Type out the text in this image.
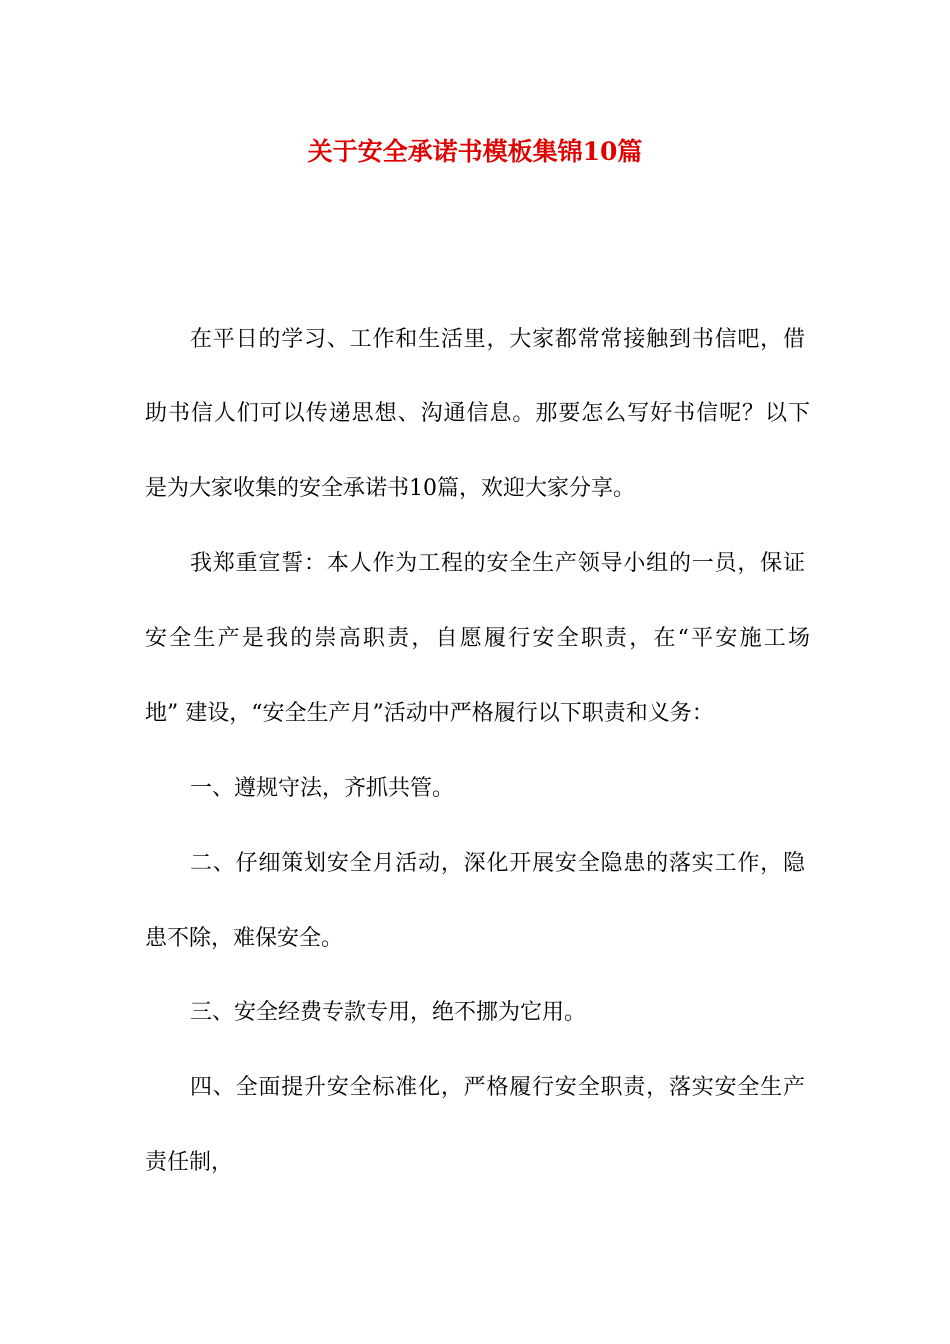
关于安全承诺书模板集锦10篇
在平日的学习、工作和生活里，大家都常常接触到书信吧，借
助书信人们可以传递思想、沟通信息。那要怎么写好书信呢？以下
是为大家收集的安全承诺书10篇，欢迎大家分享。
我郑重宣誓：本人作为工程的安全生产领导小组的一员，保证
安全生产是我的崇高职责，自愿履行安全职责，在“平安施工场
地” 建设，“安全生产月”活动中严格履行以下职责和义务：
一、遵规守法，齐抓共管。
二、仔细策划安全月活动，深化开展安全隐患的落实工作，隐
患不除，难保安全。
三、安全经费专款专用，绝不挪为它用。
四、全面提升安全标准化，严格履行安全职责，落实安全生产
责任制，
